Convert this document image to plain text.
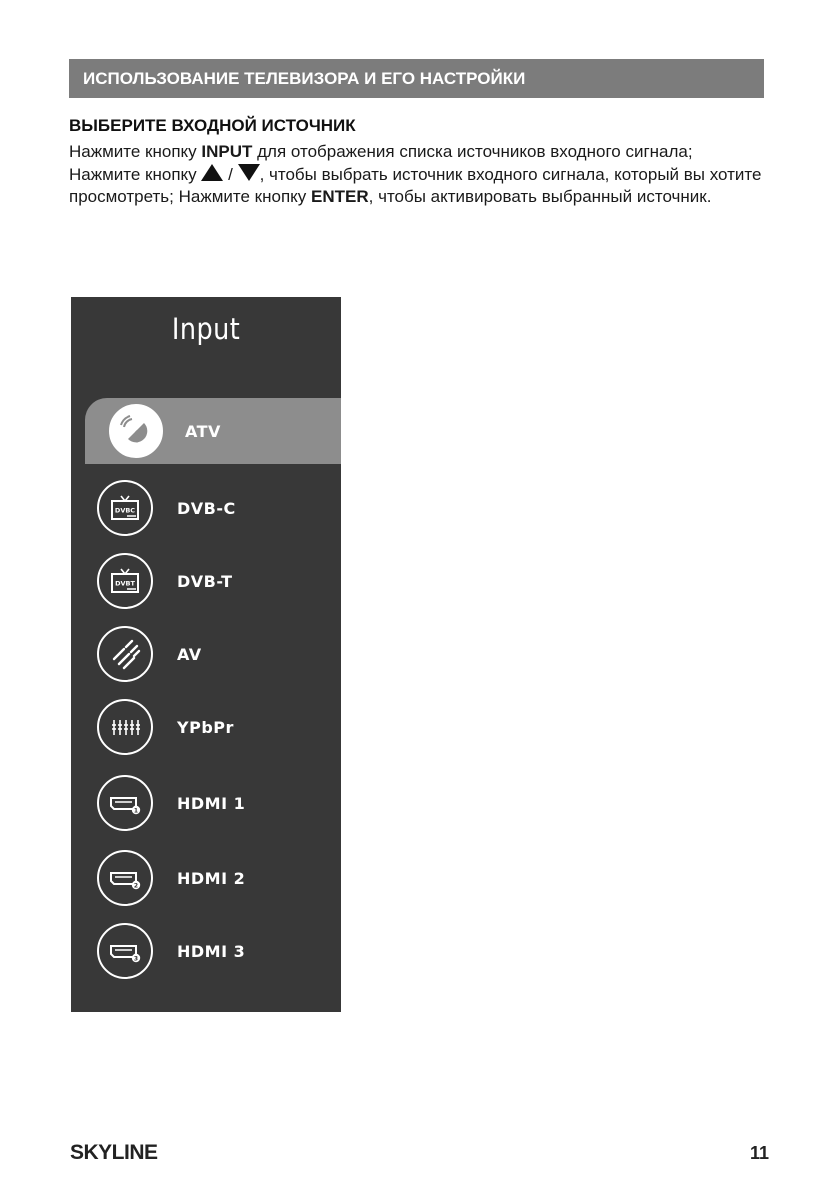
ИСПОЛЬЗОВАНИЕ ТЕЛЕВИЗОРА И ЕГО НАСТРОЙКИ
ВЫБЕРИТЕ ВХОДНОЙ ИСТОЧНИК

Нажмите кнопку INPUT для отображения списка источников входного сигнала;

Нажмите кнопку  / , чтобы выбрать источник входного сигнала, который вы хотите просмотреть; Нажмите кнопку ENTER, чтобы активировать выбранный источник.

Input
ATV
DVBC	DVB-C
DVBT	DVB-T
AV
YPbPr
1 HDMI 1
2 HDMI 2
3 HDMI 3
SKYLINE	11
